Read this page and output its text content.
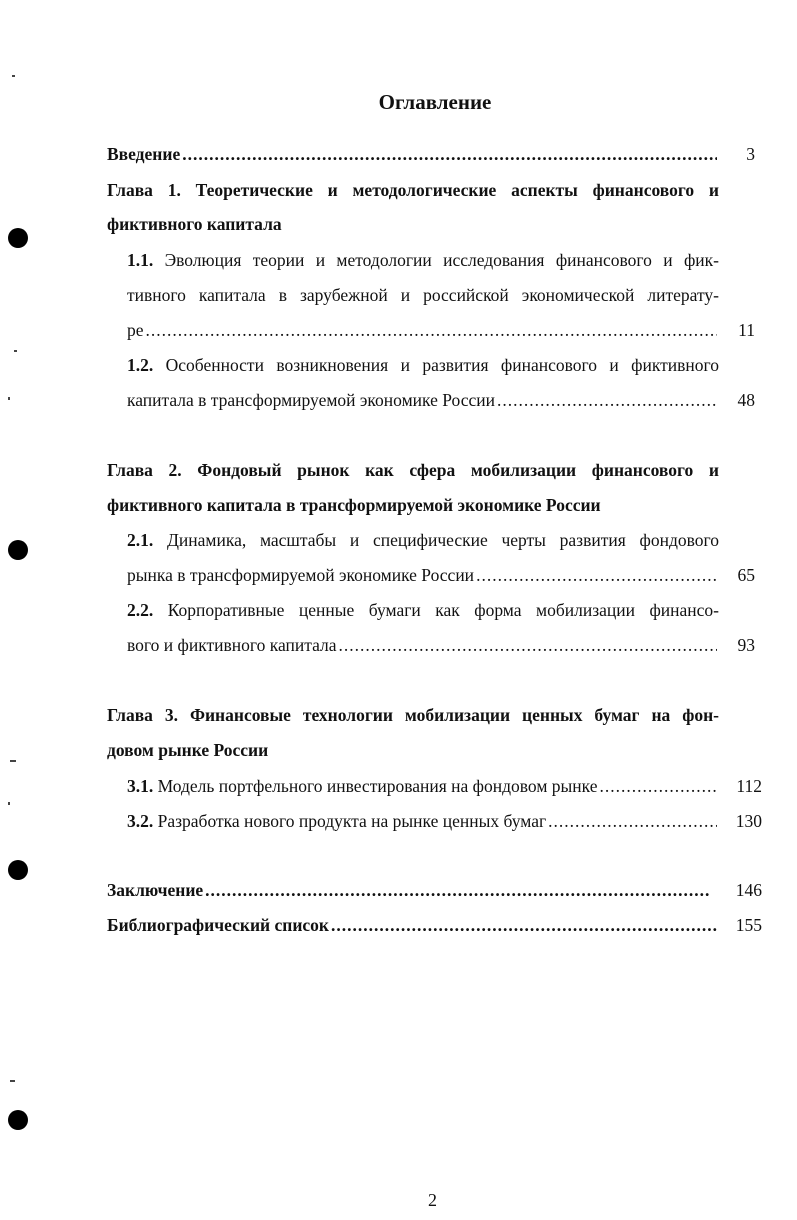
Оглавление
Введение .....	3
Глава 1. Теоретические и методологические аспекты финансового и
фиктивного капитала
1.1. Эволюция теории и методологии исследования финансового и фик-
тивного капитала в зарубежной и российской экономической литерату-
ре .....	11
1.2. Особенности возникновения и развития финансового и фиктивного
капитала в трансформируемой экономике России .....	48
Глава 2. Фондовый рынок как сфера мобилизации финансового и
фиктивного капитала в трансформируемой экономике России
2.1. Динамика, масштабы и специфические черты развития фондового
рынка в трансформируемой экономике России .....	65
2.2. Корпоративные ценные бумаги как форма мобилизации финансо-
вого и фиктивного капитала .....	93
Глава 3. Финансовые технологии мобилизации ценных бумаг на фон-
довом рынке России
3.1. Модель портфельного инвестирования на фондовом рынке .....	112
3.2. Разработка нового продукта на рынке ценных бумаг .....	130
Заключение .....	146
Библиографический список .....	155
2
